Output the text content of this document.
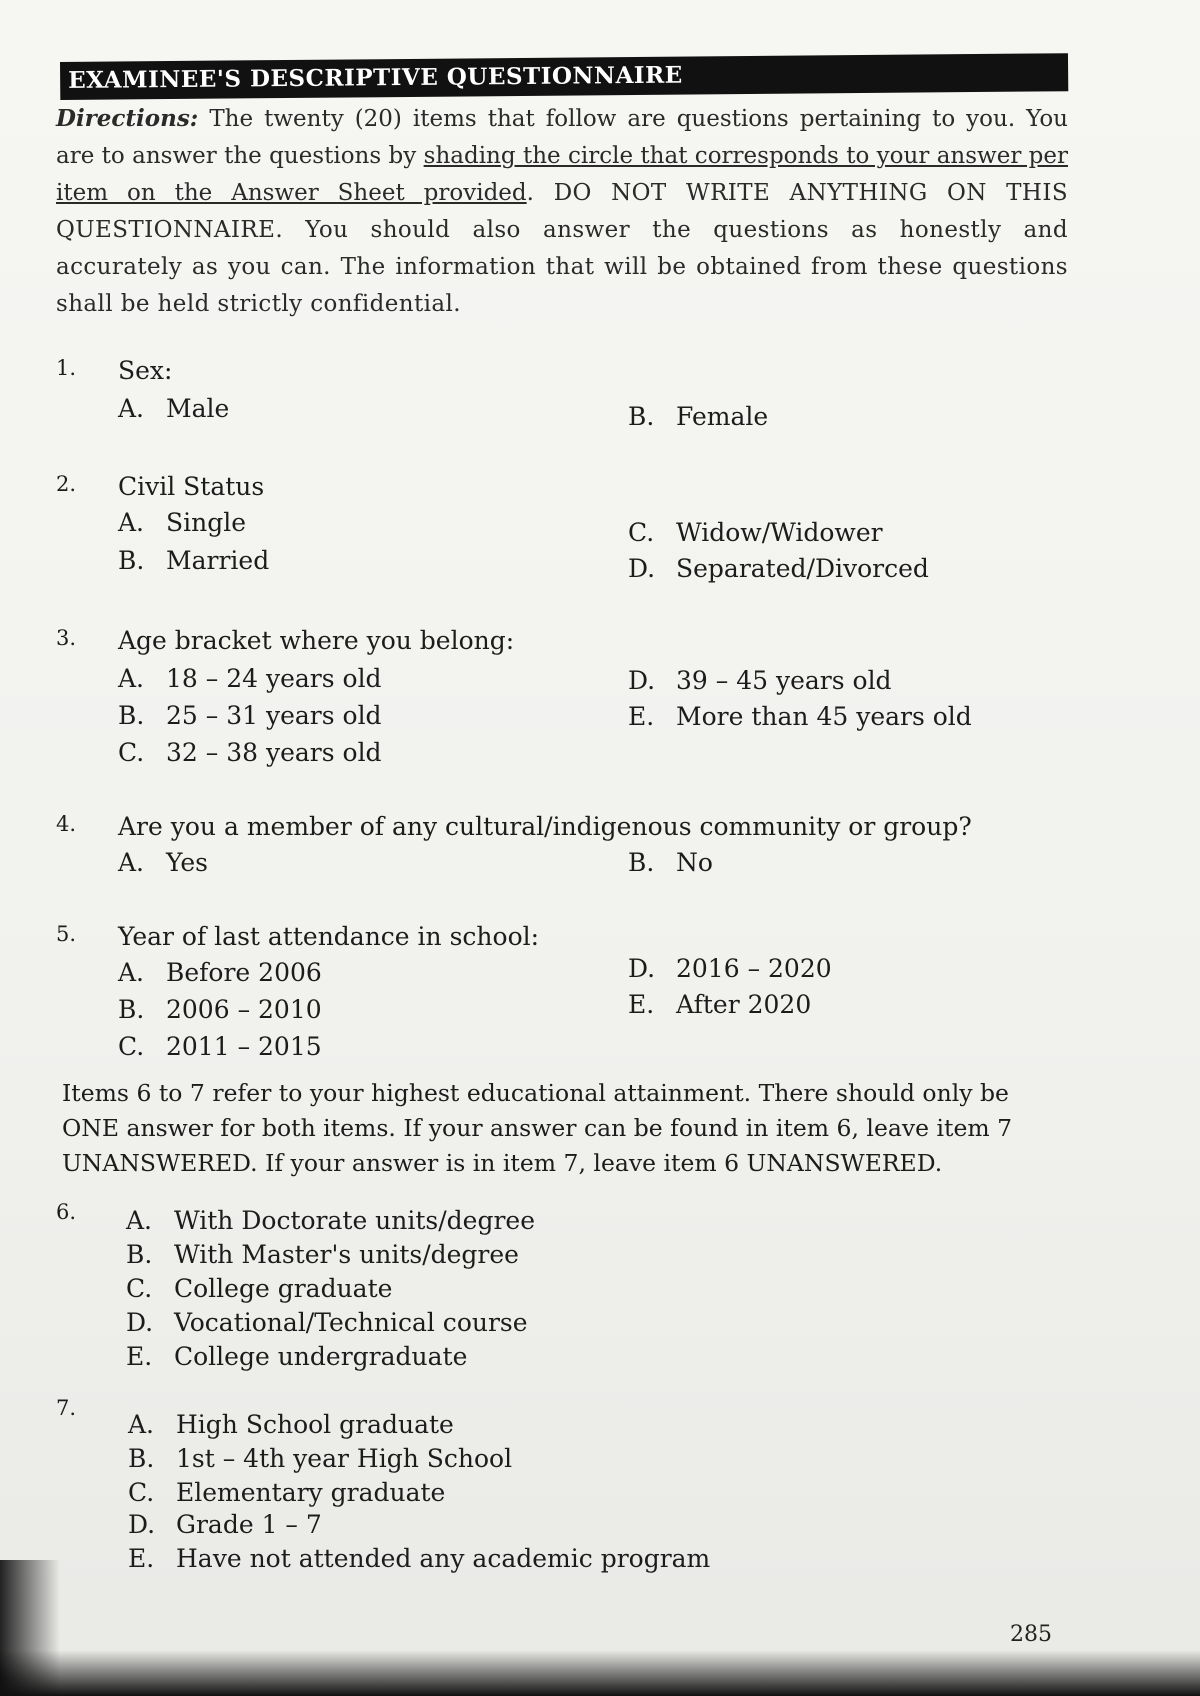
EXAMINEE'S DESCRIPTIVE QUESTIONNAIRE
Directions: The twenty (20) items that follow are questions pertaining to you. You are to answer the questions by shading the circle that corresponds to your answer per item on the Answer Sheet provided. DO NOT WRITE ANYTHING ON THIS QUESTIONNAIRE. You should also answer the questions as honestly and accurately as you can. The information that will be obtained from these questions shall be held strictly confidential.
1. Sex:
A. Male	B. Female
2. Civil Status
A. Single
B. Married
C. Widow/Widower
D. Separated/Divorced
3. Age bracket where you belong:
A. 18 – 24 years old
B. 25 – 31 years old
C. 32 – 38 years old
D. 39 – 45 years old
E. More than 45 years old
4. Are you a member of any cultural/indigenous community or group?
A. Yes	B. No
5. Year of last attendance in school:
A. Before 2006
B. 2006 – 2010
C. 2011 – 2015
D. 2016 – 2020
E. After 2020
Items 6 to 7 refer to your highest educational attainment. There should only be ONE answer for both items. If your answer can be found in item 6, leave item 7 UNANSWERED. If your answer is in item 7, leave item 6 UNANSWERED.
6. A. With Doctorate units/degree
B. With Master's units/degree
C. College graduate
D. Vocational/Technical course
E. College undergraduate
7.
A. High School graduate
B. 1st – 4th year High School
C. Elementary graduate
D. Grade 1 – 7
E. Have not attended any academic program
285
